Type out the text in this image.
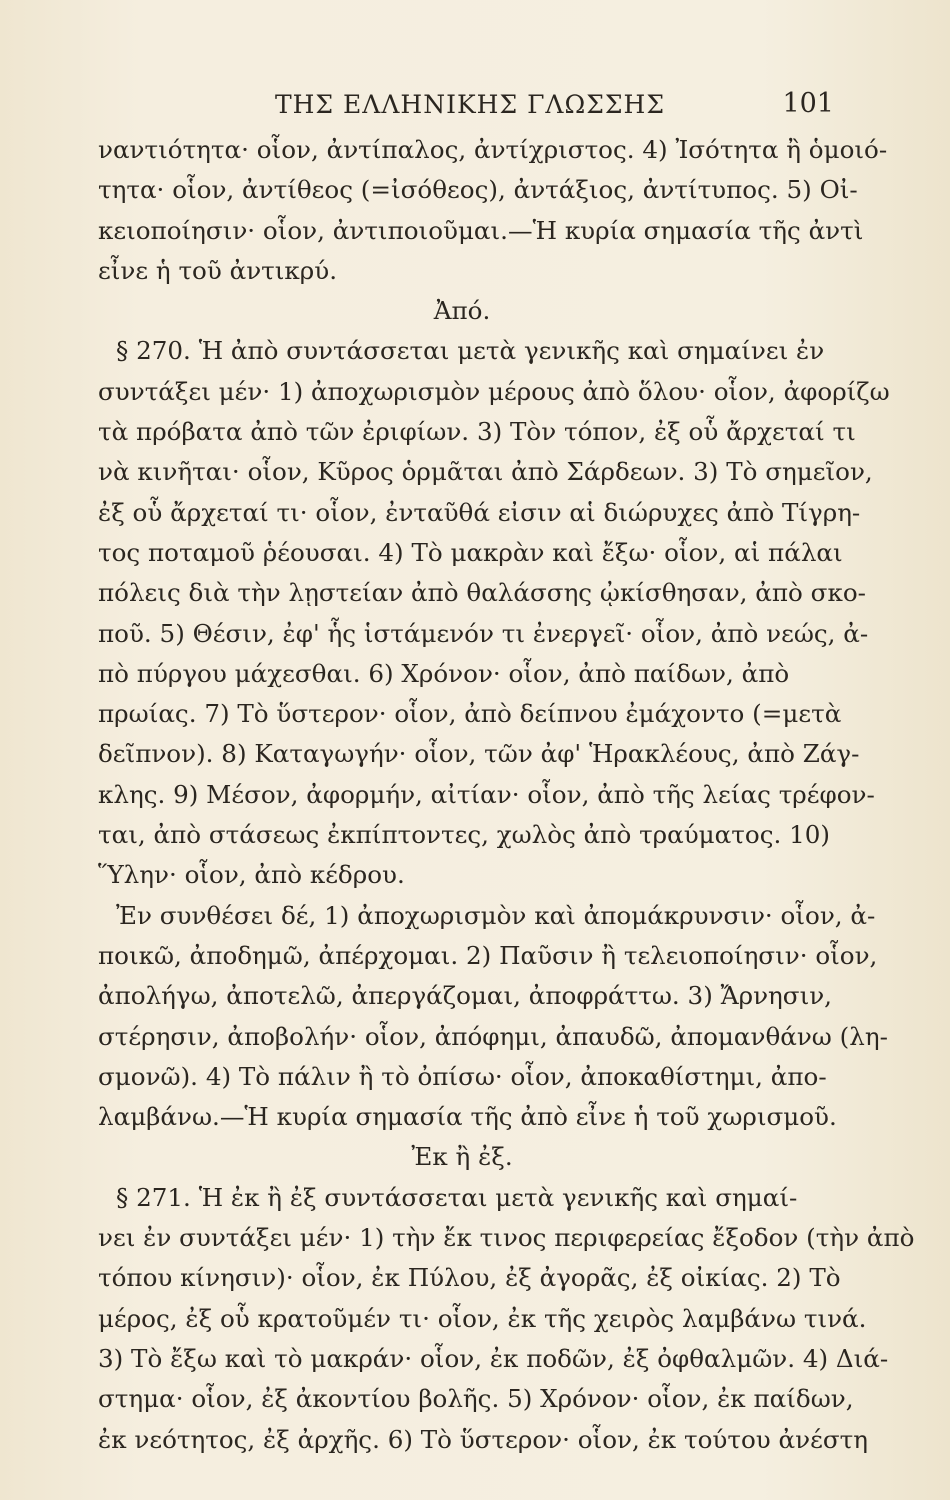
ΤΗΣ ΕΛΛΗΝΙΚΗΣ ΓΛΩΣΣΗΣ	101
ναντιότητα· οἷον, ἀντίπαλος, ἀντίχριστος. 4) Ἰσότητα ἢ ὁμοιό-
τητα· οἷον, ἀντίθεος (=ἰσόθεος), ἀντάξιος, ἀντίτυπος. 5) Οἰ-
κειοποίησιν· οἷον, ἀντιποιοῦμαι.—Ἡ κυρία σημασία τῆς ἀντὶ
εἶνε ἡ τοῦ ἀντικρύ.
Ἀπό.
§ 270. Ἡ ἀπὸ συντάσσεται μετὰ γενικῆς καὶ σημαίνει ἐν
συντάξει μέν· 1) ἀποχωρισμὸν μέρους ἀπὸ ὅλου· οἷον, ἀφορίζω
τὰ πρόβατα ἀπὸ τῶν ἐριφίων. 3) Τὸν τόπον, ἐξ οὗ ἄρχεταί τι
νὰ κινῆται· οἷον, Κῦρος ὁρμᾶται ἀπὸ Σάρδεων. 3) Τὸ σημεῖον,
ἐξ οὗ ἄρχεταί τι· οἷον, ἐνταῦθά εἰσιν αἱ διώρυχες ἀπὸ Τίγρη-
τος ποταμοῦ ῥέουσαι. 4) Τὸ μακρὰν καὶ ἔξω· οἷον, αἱ πάλαι
πόλεις διὰ τὴν λῃστείαν ἀπὸ θαλάσσης ᾠκίσθησαν, ἀπὸ σκο-
ποῦ. 5) Θέσιν, ἐφ' ἧς ἱστάμενόν τι ἐνεργεῖ· οἷον, ἀπὸ νεώς, ἀ-
πὸ πύργου μάχεσθαι. 6) Χρόνον· οἷον, ἀπὸ παίδων, ἀπὸ
πρωίας. 7) Τὸ ὕστερον· οἷον, ἀπὸ δείπνου ἐμάχοντο (=μετὰ
δεῖπνον). 8) Καταγωγήν· οἷον, τῶν ἀφ' Ἡρακλέους, ἀπὸ Ζάγ-
κλης. 9) Μέσον, ἀφορμήν, αἰτίαν· οἷον, ἀπὸ τῆς λείας τρέφον-
ται, ἀπὸ στάσεως ἐκπίπτοντες, χωλὸς ἀπὸ τραύματος. 10)
Ὕλην· οἷον, ἀπὸ κέδρου.
Ἐν συνθέσει δέ, 1) ἀποχωρισμὸν καὶ ἀπομάκρυνσιν· οἷον, ἀ-
ποικῶ, ἀποδημῶ, ἀπέρχομαι. 2) Παῦσιν ἢ τελειοποίησιν· οἷον,
ἀπολήγω, ἀποτελῶ, ἀπεργάζομαι, ἀποφράττω. 3) Ἄρνησιν,
στέρησιν, ἀποβολήν· οἷον, ἀπόφημι, ἀπαυδῶ, ἀπομανθάνω (λη-
σμονῶ). 4) Τὸ πάλιν ἢ τὸ ὀπίσω· οἷον, ἀποκαθίστημι, ἀπο-
λαμβάνω.—Ἡ κυρία σημασία τῆς ἀπὸ εἶνε ἡ τοῦ χωρισμοῦ.
Ἐκ ἢ ἐξ.
§ 271. Ἡ ἐκ ἢ ἐξ συντάσσεται μετὰ γενικῆς καὶ σημαί-
νει ἐν συντάξει μέν· 1) τὴν ἔκ τινος περιφερείας ἔξοδον (τὴν ἀπὸ
τόπου κίνησιν)· οἷον, ἐκ Πύλου, ἐξ ἀγορᾶς, ἐξ οἰκίας. 2) Τὸ
μέρος, ἐξ οὗ κρατοῦμέν τι· οἷον, ἐκ τῆς χειρὸς λαμβάνω τινά.
3) Τὸ ἔξω καὶ τὸ μακράν· οἷον, ἐκ ποδῶν, ἐξ ὀφθαλμῶν. 4) Διά-
στημα· οἷον, ἐξ ἀκοντίου βολῆς. 5) Χρόνον· οἷον, ἐκ παίδων,
ἐκ νεότητος, ἐξ ἀρχῆς. 6) Τὸ ὕστερον· οἷον, ἐκ τούτου ἀνέστη
